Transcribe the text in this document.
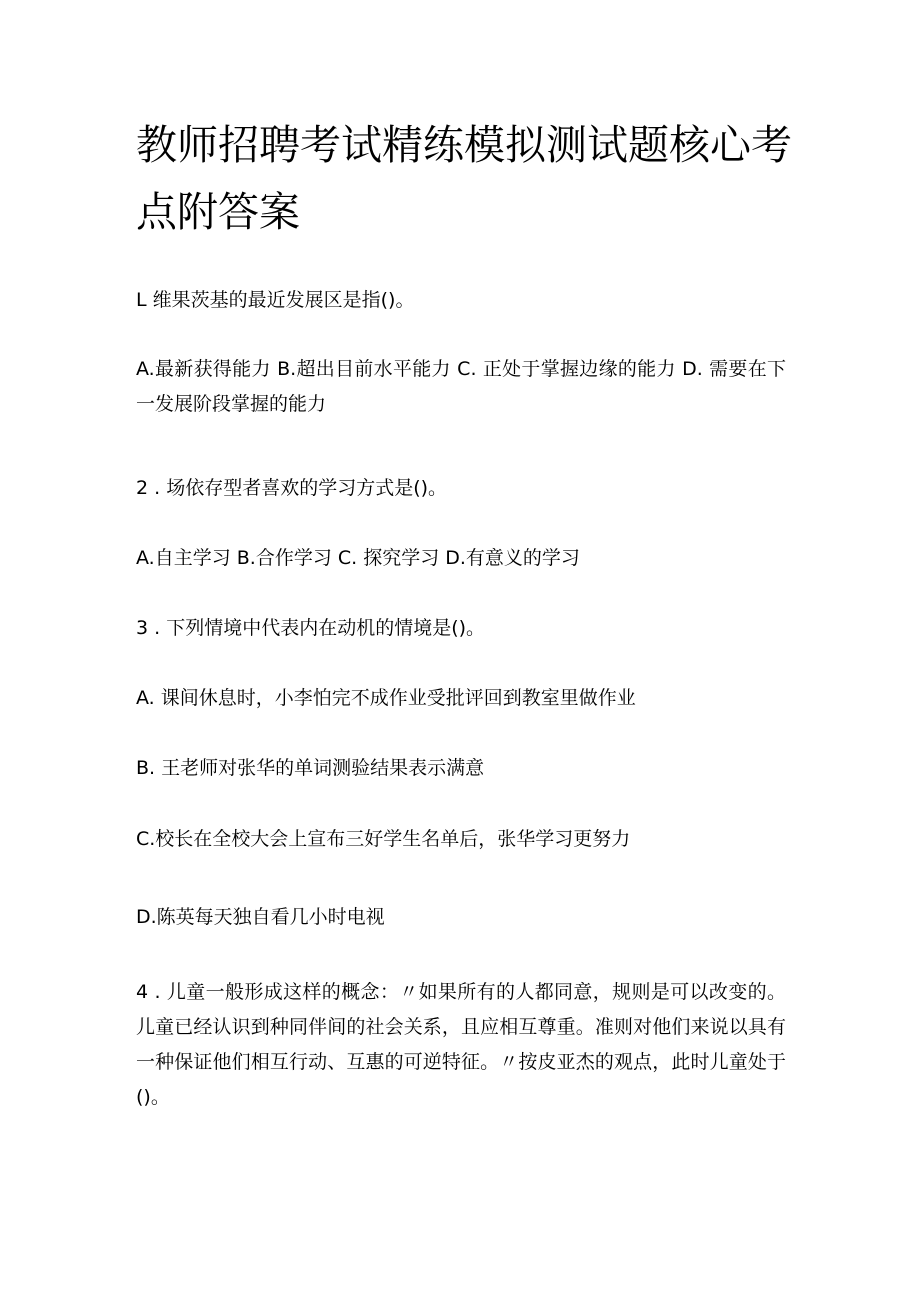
教师招聘考试精练模拟测试题核心考点附答案
L 维果茨基的最近发展区是指()。
A.最新获得能力 B.超出目前水平能力 C. 正处于掌握边缘的能力 D. 需要在下一发展阶段掌握的能力
2 . 场依存型者喜欢的学习方式是()。
A.自主学习 B.合作学习 C. 探究学习 D.有意义的学习
3 . 下列情境中代表内在动机的情境是()。
A. 课间休息时，小李怕完不成作业受批评回到教室里做作业
B. 王老师对张华的单词测验结果表示满意
C.校长在全校大会上宣布三好学生名单后，张华学习更努力
D.陈英每天独自看几小时电视
4 . 儿童一般形成这样的概念：〃如果所有的人都同意，规则是可以改变的。儿童已经认识到种同伴间的社会关系，且应相互尊重。准则对他们来说以具有一种保证他们相互行动、互惠的可逆特征。〃按皮亚杰的观点，此时儿童处于()。
